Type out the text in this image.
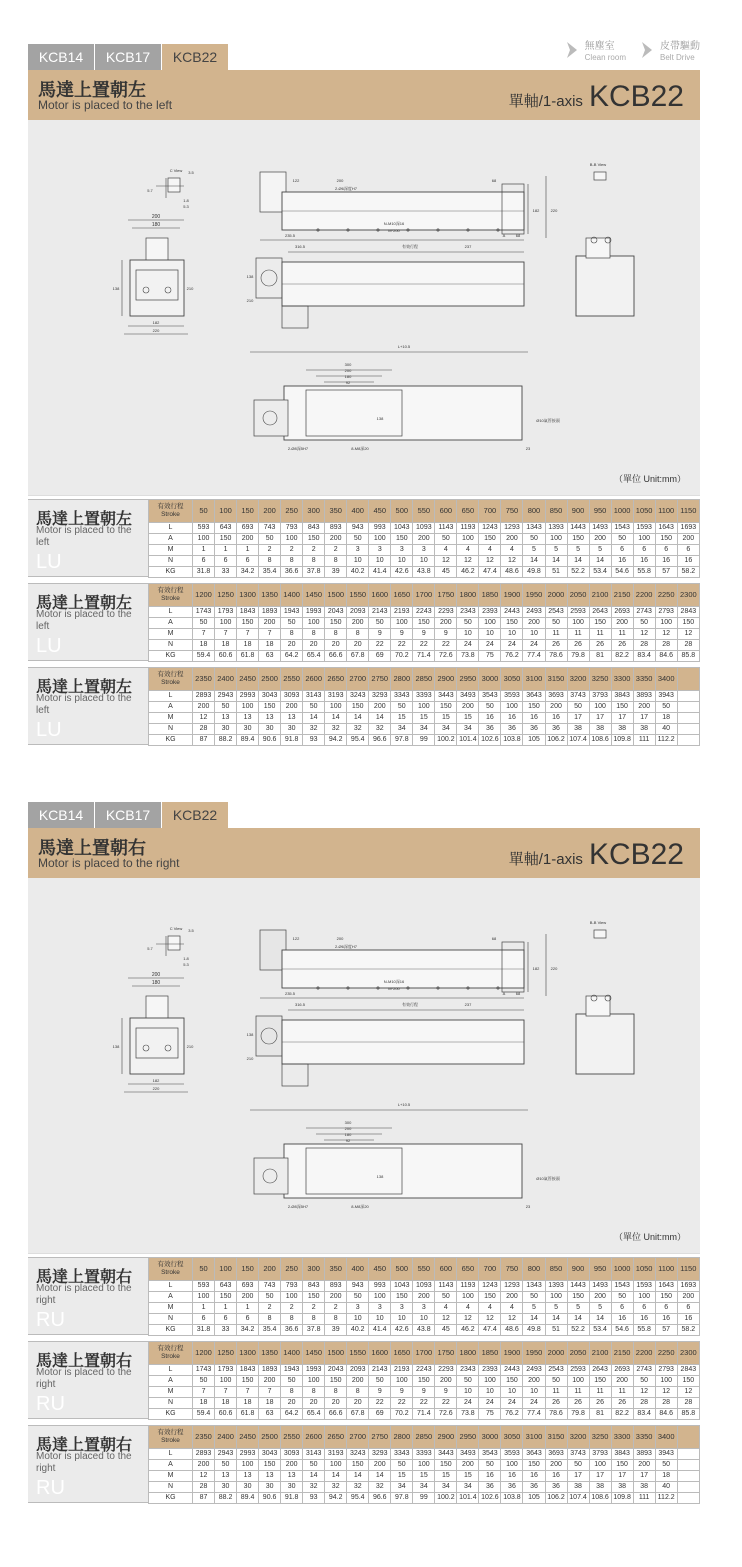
KCB14	KCB17	KCB22
無塵室
Clean room
皮帶驅動
Belt Drive
馬達上置朝左
Motor is placed to the left	單軸/1-axis KCB22
C View 3.5
5.7
1.8
5.3
200
180
138	210
182
220
122	200
2-Ø6深度H7
68
182	220
235.5
N-M10深16
M*200
A	68
B-B View
316.5	有效行程	237
138
210
L+10.5
300
200
180
92
138	Ø10氣管接頭
2-Ø8深5H7	8-M8深20	23
（單位 Unit:mm）
馬達上置朝左
Motor is placed to the left
LU
有效行程 Stroke	50	100	150	200	250	300	350	400	450	500	550	600	650	700	750	800	850	900	950	1000	1050	1100	1150
L	593	643	693	743	793	843	893	943	993	1043	1093	1143	1193	1243	1293	1343	1393	1443	1493	1543	1593	1643	1693
A	100	150	200	50	100	150	200	50	100	150	200	50	100	150	200	50	100	150	200	50	100	150	200
M	1	1	1	2	2	2	2	3	3	3	3	4	4	4	4	5	5	5	5	6	6	6	6
N	6	6	6	8	8	8	8	10	10	10	10	12	12	12	12	14	14	14	14	16	16	16	16
KG	31.8	33	34.2	35.4	36.6	37.8	39	40.2	41.4	42.6	43.8	45	46.2	47.4	48.6	49.8	51	52.2	53.4	54.6	55.8	57	58.2
馬達上置朝左
Motor is placed to the left
LU
有效行程 Stroke	1200	1250	1300	1350	1400	1450	1500	1550	1600	1650	1700	1750	1800	1850	1900	1950	2000	2050	2100	2150	2200	2250	2300
L	1743	1793	1843	1893	1943	1993	2043	2093	2143	2193	2243	2293	2343	2393	2443	2493	2543	2593	2643	2693	2743	2793	2843
A	50	100	150	200	50	100	150	200	50	100	150	200	50	100	150	200	50	100	150	200	50	100	150
M	7	7	7	7	8	8	8	8	9	9	9	9	10	10	10	10	11	11	11	11	12	12	12
N	18	18	18	18	20	20	20	20	22	22	22	22	24	24	24	24	26	26	26	26	28	28	28
KG	59.4	60.6	61.8	63	64.2	65.4	66.6	67.8	69	70.2	71.4	72.6	73.8	75	76.2	77.4	78.6	79.8	81	82.2	83.4	84.6	85.8
馬達上置朝左
Motor is placed to the left
LU
有效行程 Stroke	2350	2400	2450	2500	2550	2600	2650	2700	2750	2800	2850	2900	2950	3000	3050	3100	3150	3200	3250	3300	3350	3400	
L	2893	2943	2993	3043	3093	3143	3193	3243	3293	3343	3393	3443	3493	3543	3593	3643	3693	3743	3793	3843	3893	3943	
A	200	50	100	150	200	50	100	150	200	50	100	150	200	50	100	150	200	50	100	150	200	50	
M	12	13	13	13	13	14	14	14	14	15	15	15	15	16	16	16	16	17	17	17	17	18	
N	28	30	30	30	30	32	32	32	32	34	34	34	34	36	36	36	36	38	38	38	38	40	
KG	87	88.2	89.4	90.6	91.8	93	94.2	95.4	96.6	97.8	99	100.2	101.4	102.6	103.8	105	106.2	107.4	108.6	109.8	111	112.2	
KCB14	KCB17	KCB22
馬達上置朝右
Motor is placed to the right	單軸/1-axis KCB22
C View 3.5
5.7
1.8
5.3
200
180
138	210
182
220
122	200
2-Ø6深度H7
68
182	220
235.5
N-M10深16
M*200
A	68
B-B View
316.5	有效行程	237
138
210
L+10.5
300
200
180
92
138	Ø10氣管接頭
2-Ø8深5H7	8-M8深20	23
（單位 Unit:mm）
馬達上置朝右
Motor is placed to the right
RU
有效行程 Stroke	50	100	150	200	250	300	350	400	450	500	550	600	650	700	750	800	850	900	950	1000	1050	1100	1150
L	593	643	693	743	793	843	893	943	993	1043	1093	1143	1193	1243	1293	1343	1393	1443	1493	1543	1593	1643	1693
A	100	150	200	50	100	150	200	50	100	150	200	50	100	150	200	50	100	150	200	50	100	150	200
M	1	1	1	2	2	2	2	3	3	3	3	4	4	4	4	5	5	5	5	6	6	6	6
N	6	6	6	8	8	8	8	10	10	10	10	12	12	12	12	14	14	14	14	16	16	16	16
KG	31.8	33	34.2	35.4	36.6	37.8	39	40.2	41.4	42.6	43.8	45	46.2	47.4	48.6	49.8	51	52.2	53.4	54.6	55.8	57	58.2
馬達上置朝右
Motor is placed to the right
RU
有效行程 Stroke	1200	1250	1300	1350	1400	1450	1500	1550	1600	1650	1700	1750	1800	1850	1900	1950	2000	2050	2100	2150	2200	2250	2300
L	1743	1793	1843	1893	1943	1993	2043	2093	2143	2193	2243	2293	2343	2393	2443	2493	2543	2593	2643	2693	2743	2793	2843
A	50	100	150	200	50	100	150	200	50	100	150	200	50	100	150	200	50	100	150	200	50	100	150
M	7	7	7	7	8	8	8	8	9	9	9	9	10	10	10	10	11	11	11	11	12	12	12
N	18	18	18	18	20	20	20	20	22	22	22	22	24	24	24	24	26	26	26	26	28	28	28
KG	59.4	60.6	61.8	63	64.2	65.4	66.6	67.8	69	70.2	71.4	72.6	73.8	75	76.2	77.4	78.6	79.8	81	82.2	83.4	84.6	85.8
馬達上置朝右
Motor is placed to the right
RU
有效行程 Stroke	2350	2400	2450	2500	2550	2600	2650	2700	2750	2800	2850	2900	2950	3000	3050	3100	3150	3200	3250	3300	3350	3400	
L	2893	2943	2993	3043	3093	3143	3193	3243	3293	3343	3393	3443	3493	3543	3593	3643	3693	3743	3793	3843	3893	3943	
A	200	50	100	150	200	50	100	150	200	50	100	150	200	50	100	150	200	50	100	150	200	50	
M	12	13	13	13	13	14	14	14	14	15	15	15	15	16	16	16	16	17	17	17	17	18	
N	28	30	30	30	30	32	32	32	32	34	34	34	34	36	36	36	36	38	38	38	38	40	
KG	87	88.2	89.4	90.6	91.8	93	94.2	95.4	96.6	97.8	99	100.2	101.4	102.6	103.8	105	106.2	107.4	108.6	109.8	111	112.2	
